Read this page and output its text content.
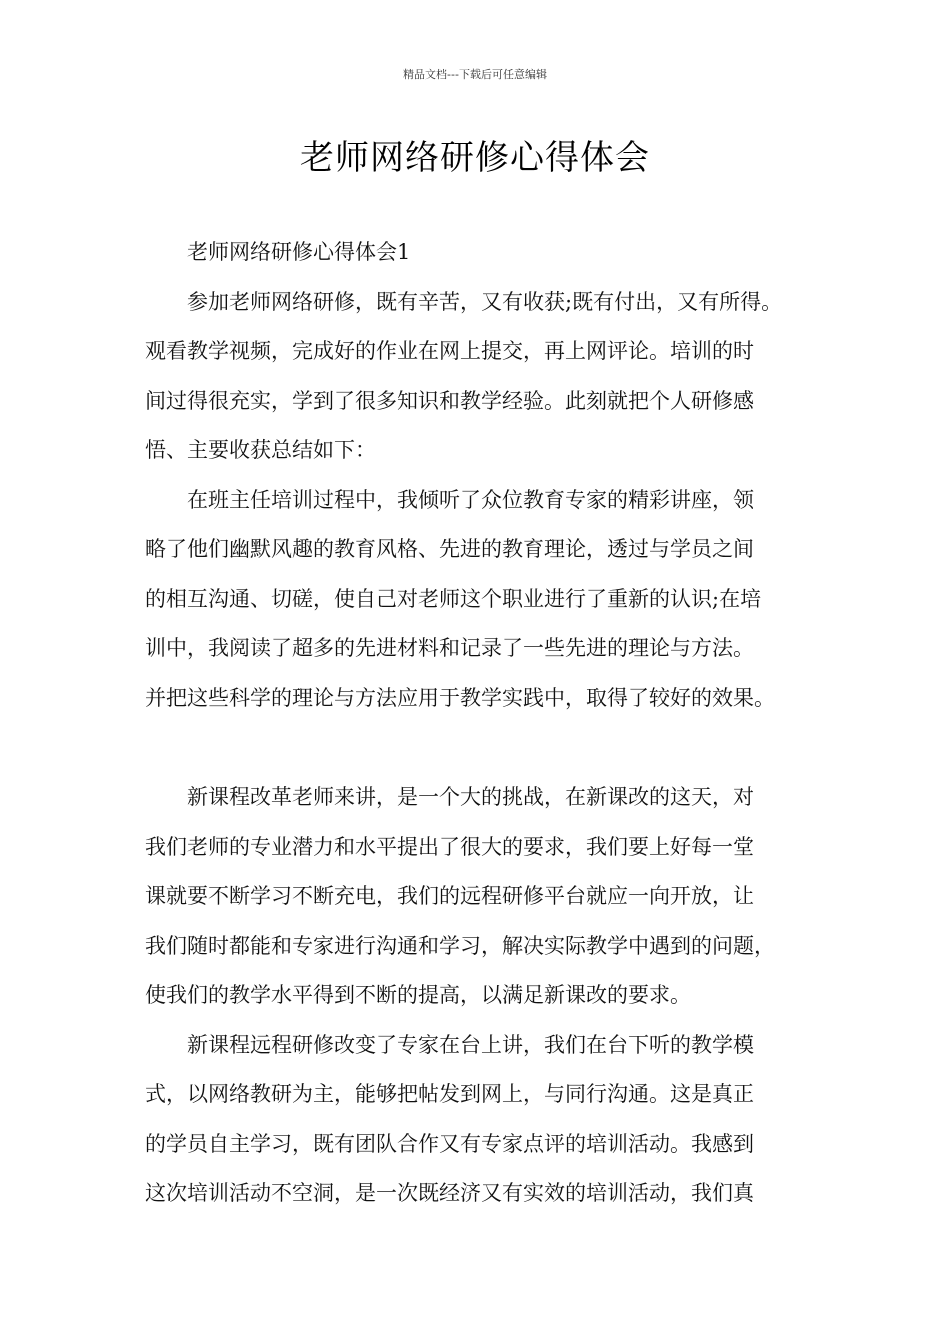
精品文档---下载后可任意编辑
老师网络研修心得体会

老师网络研修心得体会1

参加老师网络研修，既有辛苦，又有收获;既有付出，又有所得。
观看教学视频，完成好的作业在网上提交，再上网评论。培训的时
间过得很充实，学到了很多知识和教学经验。此刻就把个人研修感
悟、主要收获总结如下：

在班主任培训过程中，我倾听了众位教育专家的精彩讲座，领
略了他们幽默风趣的教育风格、先进的教育理论，透过与学员之间
的相互沟通、切磋，使自己对老师这个职业进行了重新的认识;在培
训中，我阅读了超多的先进材料和记录了一些先进的理论与方法。
并把这些科学的理论与方法应用于教学实践中，取得了较好的效果。

新课程改革老师来讲，是一个大的挑战，在新课改的这天，对
我们老师的专业潜力和水平提出了很大的要求，我们要上好每一堂
课就要不断学习不断充电，我们的远程研修平台就应一向开放，让
我们随时都能和专家进行沟通和学习，解决实际教学中遇到的问题，
使我们的教学水平得到不断的提高，以满足新课改的要求。

新课程远程研修改变了专家在台上讲，我们在台下听的教学模
式，以网络教研为主，能够把帖发到网上，与同行沟通。这是真正
的学员自主学习，既有团队合作又有专家点评的培训活动。我感到
这次培训活动不空洞，是一次既经济又有实效的培训活动，我们真
